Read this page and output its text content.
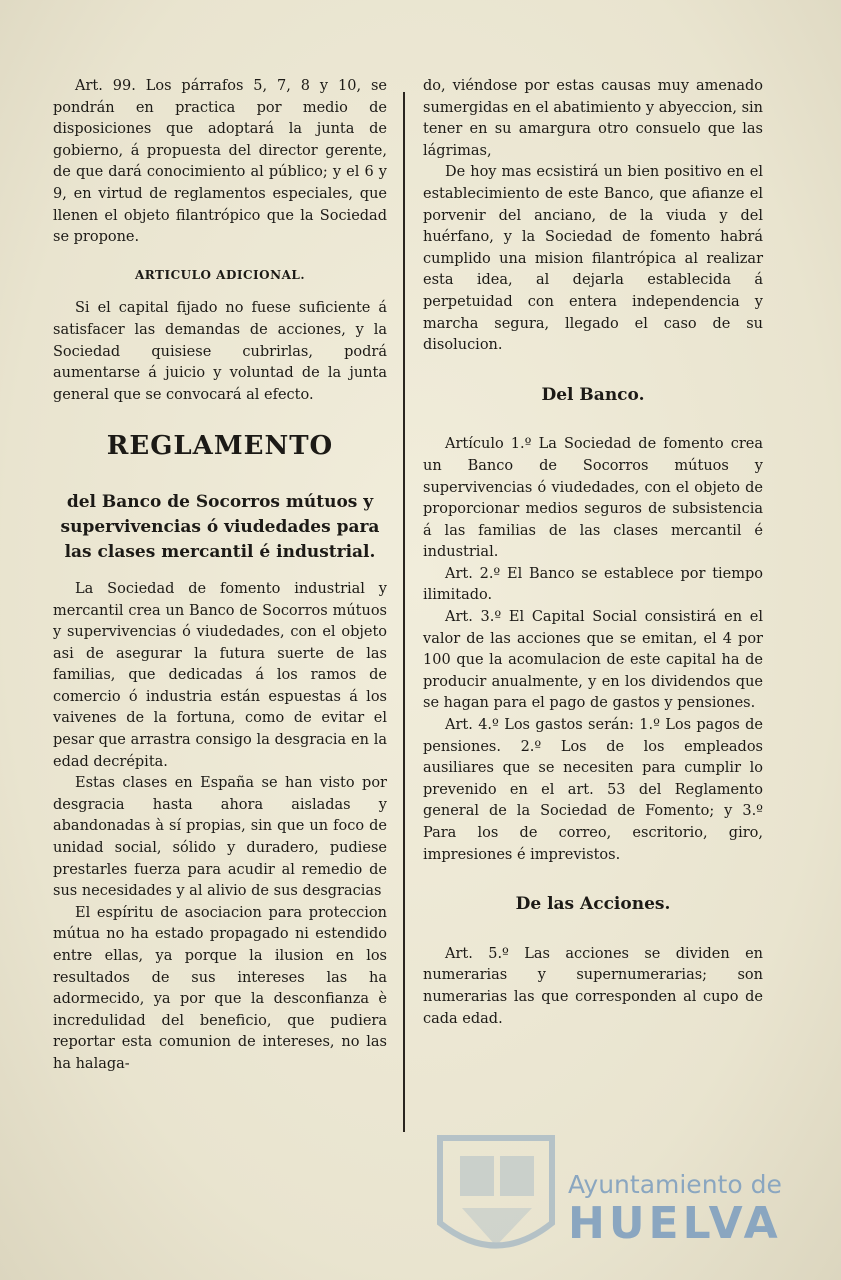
Art. 99. Los párrafos 5, 7, 8 y 10, se pondrán en practica por medio de disposiciones que adoptará la junta de gobierno, á propuesta del director gerente, de que dará conocimiento al público; y el 6 y 9, en virtud de reglamentos especiales, que llenen el objeto filantrópico que la Sociedad se propone.

ARTICULO ADICIONAL.

Si el capital fijado no fuese suficiente á satisfacer las demandas de acciones, y la Sociedad quisiese cubrirlas, podrá aumentarse á juicio y voluntad de la junta general que se convocará al efecto.

REGLAMENTO
del Banco de Socorros mútuos y supervivencias ó viudedades para las clases mercantil é industrial.

La Sociedad de fomento industrial y mercantil crea un Banco de Socorros mútuos y supervivencias ó viudedades, con el objeto asi de asegurar la futura suerte de las familias, que dedicadas á los ramos de comercio ó industria están espuestas á los vaivenes de la fortuna, como de evitar el pesar que arrastra consigo la desgracia en la edad decrépita.

Estas clases en España se han visto por desgracia hasta ahora aisladas y abandonadas à sí propias, sin que un foco de unidad social, sólido y duradero, pudiese prestarles fuerza para acudir al remedio de sus necesidades y al alivio de sus desgracias

El espíritu de asociacion para proteccion mútua no ha estado propagado ni estendido entre ellas, ya porque la ilusion en los resultados de sus intereses las ha adormecido, ya por que la desconfianza è incredulidad del beneficio, que pudiera reportar esta comunion de intereses, no las ha halaga-

do, viéndose por estas causas muy amenado sumergidas en el abatimiento y abyeccion, sin tener en su amargura otro consuelo que las lágrimas,

De hoy mas ecsistirá un bien positivo en el establecimiento de este Banco, que afianze el porvenir del anciano, de la viuda y del huérfano, y la Sociedad de fomento habrá cumplido una mision filantrópica al realizar esta idea, al dejarla establecida á perpetuidad con entera independencia y marcha segura, llegado el caso de su disolucion.

Del Banco.

Artículo 1.º La Sociedad de fomento crea un Banco de Socorros mútuos y supervivencias ó viudedades, con el objeto de proporcionar medios seguros de subsistencia á las familias de las clases mercantil é industrial.

Art. 2.º El Banco se establece por tiempo ilimitado.

Art. 3.º El Capital Social consistirá en el valor de las acciones que se emitan, el 4 por 100 que la acomulacion de este capital ha de producir anualmente, y en los dividendos que se hagan para el pago de gastos y pensiones.

Art. 4.º Los gastos serán: 1.º Los pagos de pensiones. 2.º Los de los empleados ausiliares que se necesiten para cumplir lo prevenido en el art. 53 del Reglamento general de la Sociedad de Fomento; y 3.º Para los de correo, escritorio, giro, impresiones é imprevistos.

De las Acciones.

Art. 5.º Las acciones se dividen en numerarias y supernumerarias; son numerarias las que corresponden al cupo de cada edad.

Ayuntamiento de
HUELVA
